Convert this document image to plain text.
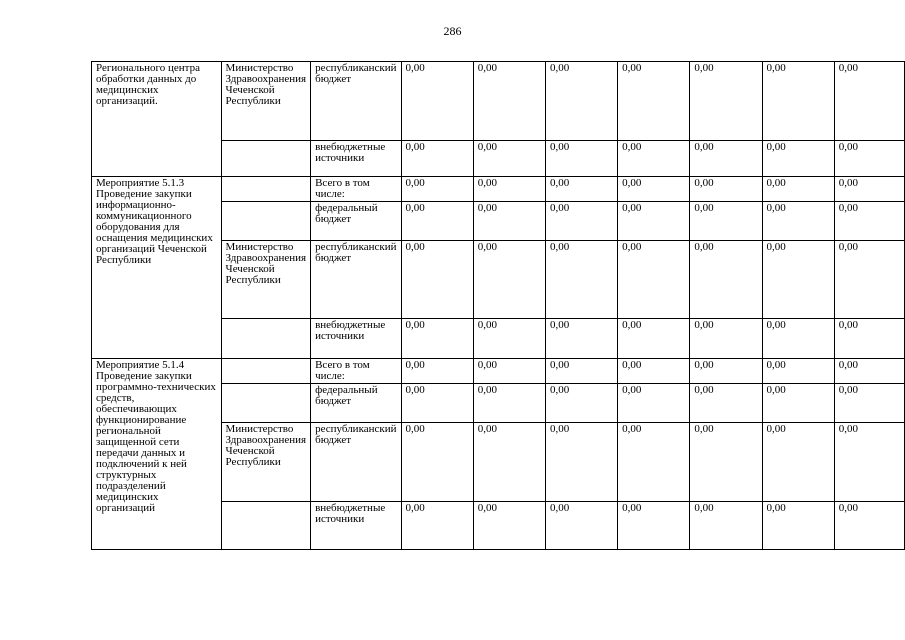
286
Регионального центра обработки данных до медицинских организаций.	Министерство Здравоохранения Чеченской Республики	республиканский бюджет	0,00	0,00	0,00	0,00	0,00	0,00	0,00
		внебюджетные источники	0,00	0,00	0,00	0,00	0,00	0,00	0,00
Мероприятие 5.1.3 Проведение закупки информационно-коммуникационного оборудования для оснащения медицинских организаций Чеченской Республики		Всего в том числе:	0,00	0,00	0,00	0,00	0,00	0,00	0,00
		федеральный бюджет	0,00	0,00	0,00	0,00	0,00	0,00	0,00
	Министерство Здравоохранения Чеченской Республики	республиканский бюджет	0,00	0,00	0,00	0,00	0,00	0,00	0,00
		внебюджетные источники	0,00	0,00	0,00	0,00	0,00	0,00	0,00
Мероприятие 5.1.4 Проведение закупки программно-технических средств, обеспечивающих функционирование региональной защищенной сети передачи данных и подключений к ней структурных подразделений медицинских организаций		Всего в том числе:	0,00	0,00	0,00	0,00	0,00	0,00	0,00
		федеральный бюджет	0,00	0,00	0,00	0,00	0,00	0,00	0,00
	Министерство Здравоохранения Чеченской Республики	республиканский бюджет	0,00	0,00	0,00	0,00	0,00	0,00	0,00
		внебюджетные источники	0,00	0,00	0,00	0,00	0,00	0,00	0,00
